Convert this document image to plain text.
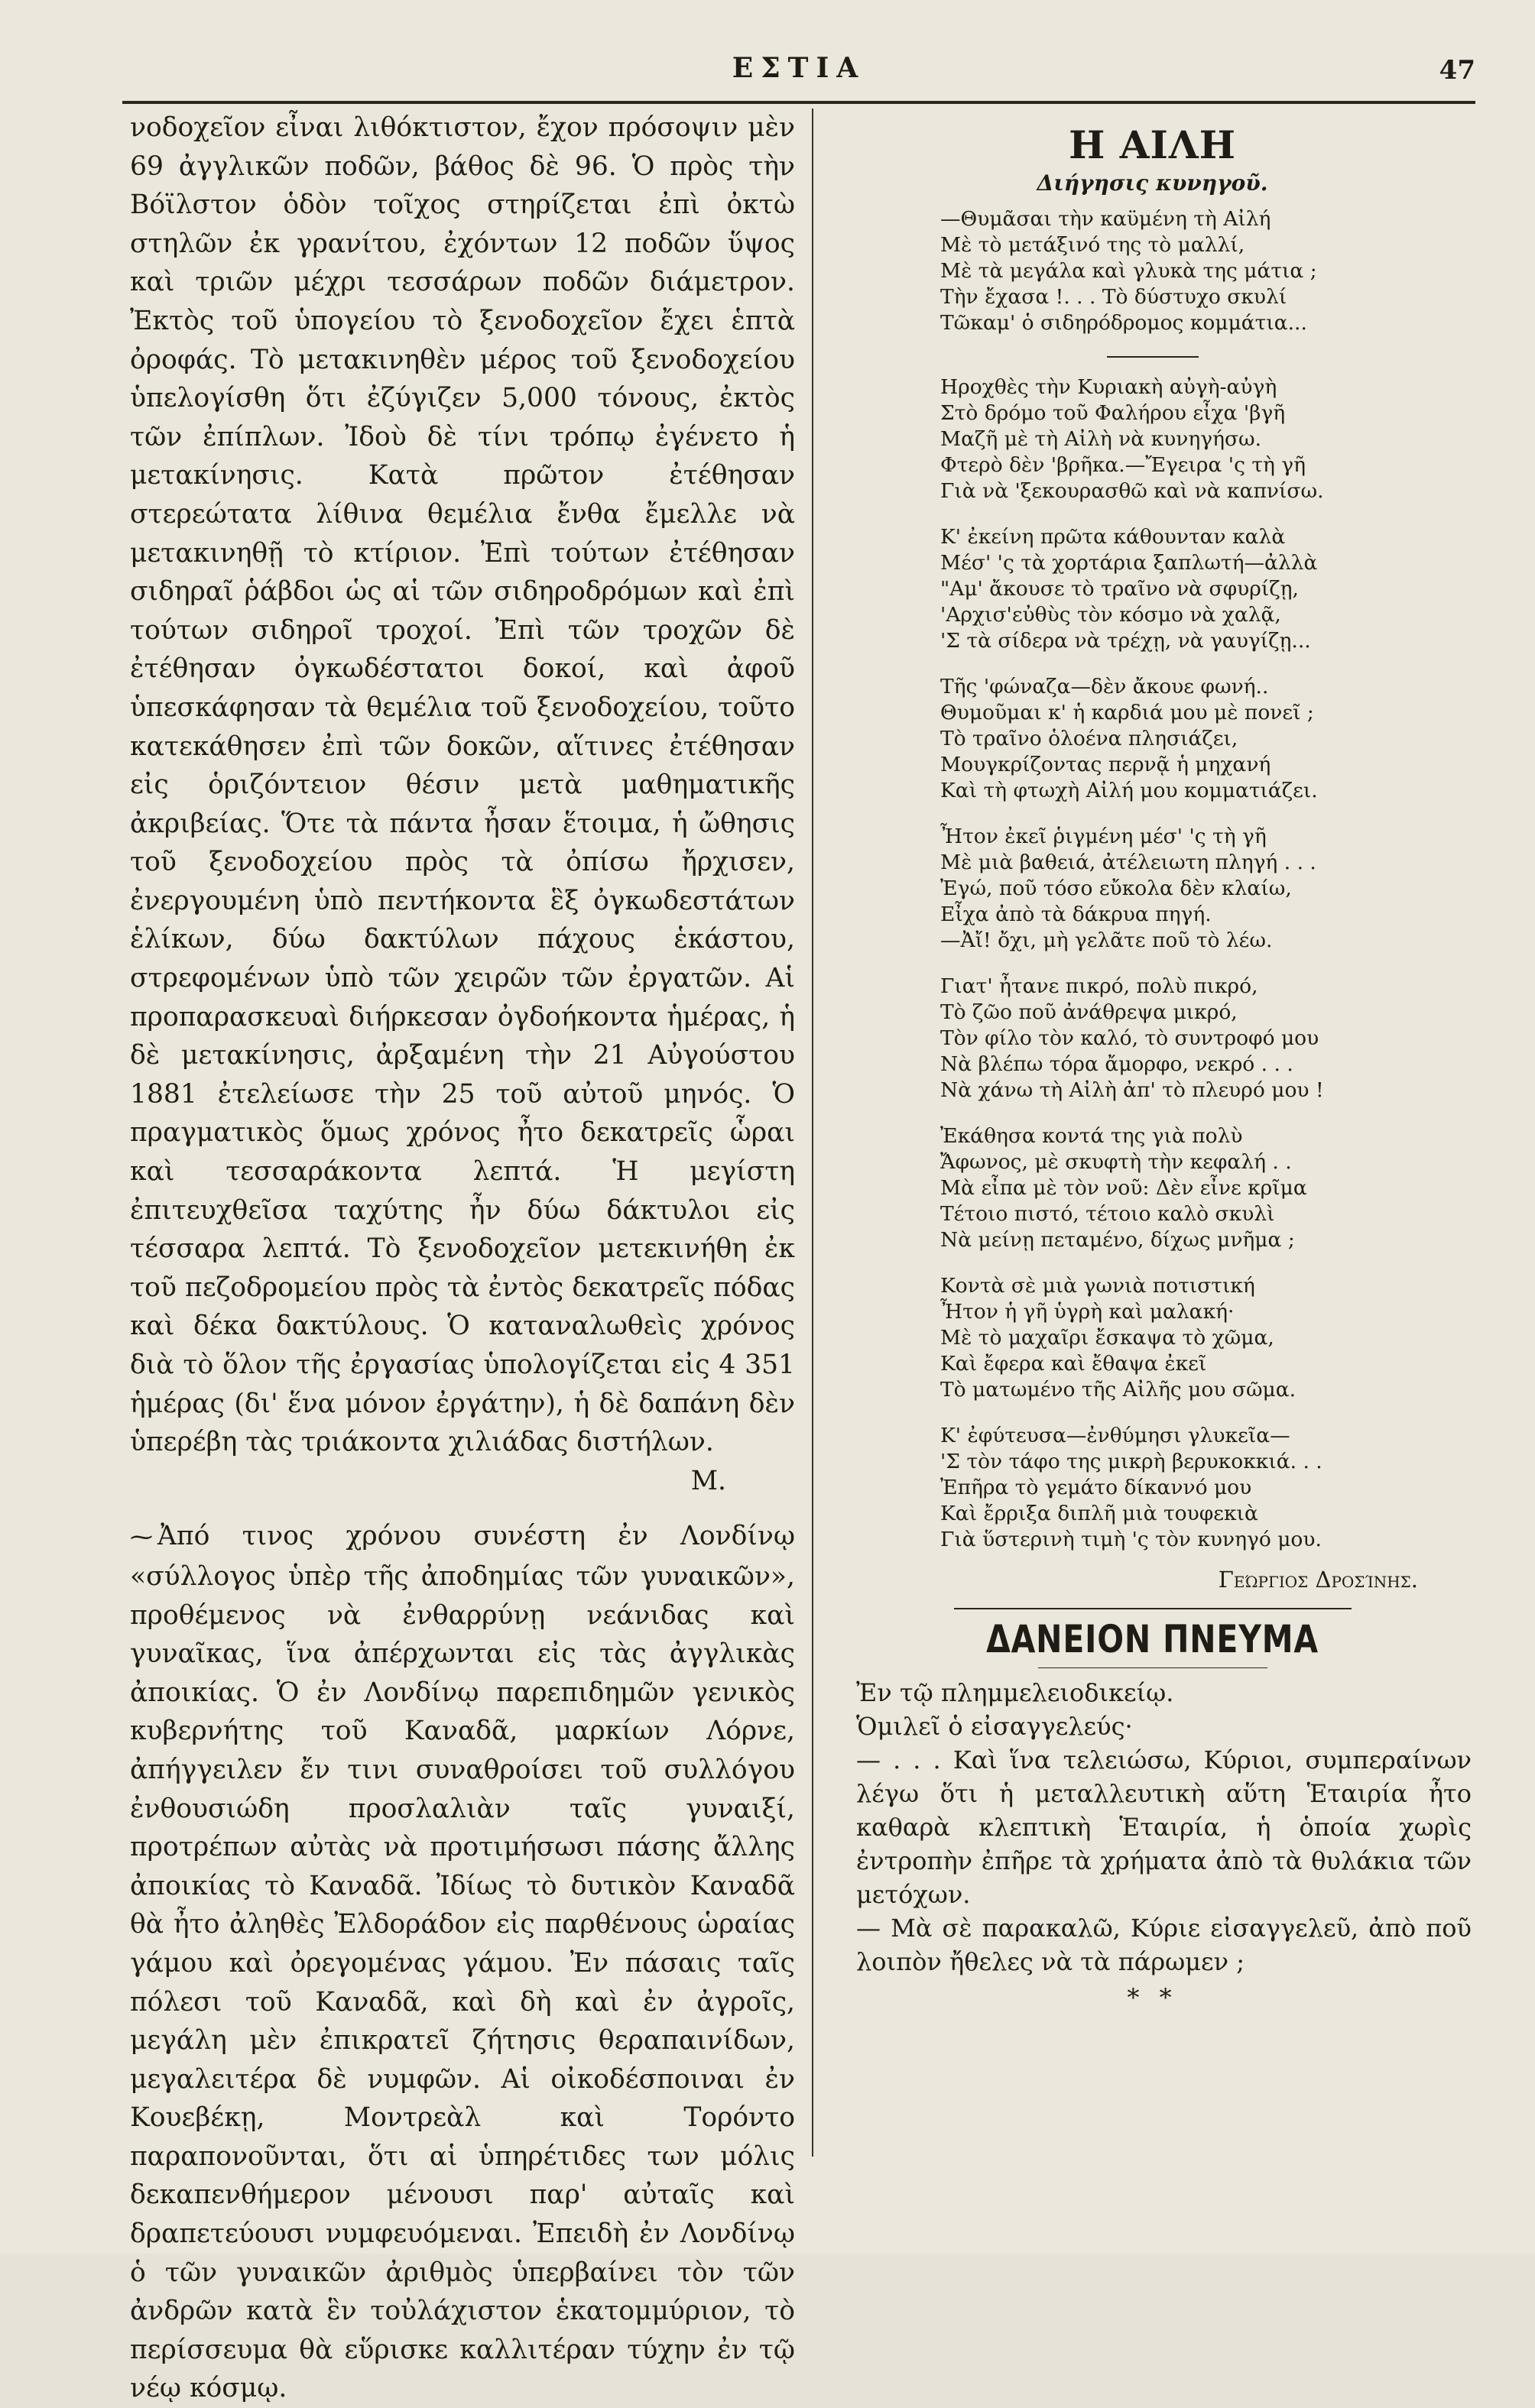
ΕΣΤΙΑ	47

νοδοχεῖον εἶναι λιθόκτιστον, ἔχον πρόσοψιν μὲν 69 ἀγγλικῶν ποδῶν, βάθος δὲ 96. Ὁ πρὸς τὴν Βόϊλστον ὁδὸν τοῖχος στηρίζεται ἐπὶ ὀκτὼ στηλῶν ἐκ γρανίτου, ἐχόντων 12 ποδῶν ὕψος καὶ τριῶν μέχρι τεσσάρων ποδῶν διάμετρον. Ἐκτὸς τοῦ ὑπογείου τὸ ξενοδοχεῖον ἔχει ἑπτὰ ὀροφάς. Τὸ μετακινηθὲν μέρος τοῦ ξενοδοχείου ὑπελογίσθη ὅτι ἐζύγιζεν 5,000 τόνους, ἐκτὸς τῶν ἐπίπλων. Ἰδοὺ δὲ τίνι τρόπῳ ἐγένετο ἡ μετακίνησις. Κατὰ πρῶτον ἐτέθησαν στερεώτατα λίθινα θεμέλια ἔνθα ἔμελλε νὰ μετακινηθῇ τὸ κτίριον. Ἐπὶ τούτων ἐτέθησαν σιδηραῖ ῥάβδοι ὡς αἱ τῶν σιδηροδρόμων καὶ ἐπὶ τούτων σιδηροῖ τροχοί. Ἐπὶ τῶν τροχῶν δὲ ἐτέθησαν ὀγκωδέστατοι δοκοί, καὶ ἀφοῦ ὑπεσκάφησαν τὰ θεμέλια τοῦ ξενοδοχείου, τοῦτο κατεκάθησεν ἐπὶ τῶν δοκῶν, αἵτινες ἐτέθησαν εἰς ὁριζόντειον θέσιν μετὰ μαθηματικῆς ἀκριβείας. Ὅτε τὰ πάντα ἦσαν ἕτοιμα, ἡ ὤθησις τοῦ ξενοδοχείου πρὸς τὰ ὀπίσω ἤρχισεν, ἐνεργουμένη ὑπὸ πεντήκοντα ἓξ ὀγκωδεστάτων ἑλίκων, δύω δακτύλων πάχους ἑκάστου, στρεφομένων ὑπὸ τῶν χειρῶν τῶν ἐργατῶν. Αἱ προπαρασκευαὶ διήρκεσαν ὀγδοήκοντα ἡμέρας, ἡ δὲ μετακίνησις, ἀρξαμένη τὴν 21 Αὐγούστου 1881 ἐτελείωσε τὴν 25 τοῦ αὐτοῦ μηνός. Ὁ πραγματικὸς ὅμως χρόνος ἦτο δεκατρεῖς ὧραι καὶ τεσσαράκοντα λεπτά. Ἡ μεγίστη ἐπιτευχθεῖσα ταχύτης ἦν δύω δάκτυλοι εἰς τέσσαρα λεπτά. Τὸ ξενοδοχεῖον μετεκινήθη ἐκ τοῦ πεζοδρομείου πρὸς τὰ ἐντὸς δεκατρεῖς πόδας καὶ δέκα δακτύλους. Ὁ καταναλωθεὶς χρόνος διὰ τὸ ὅλον τῆς ἐργασίας ὑπολογίζεται εἰς 4 351 ἡμέρας (δι' ἕνα μόνον ἐργάτην), ἡ δὲ δαπάνη δὲν ὑπερέβη τὰς τριάκοντα χιλιάδας διστήλων.
Μ.

⁓ Ἀπό τινος χρόνου συνέστη ἐν Λονδίνῳ «σύλλογος ὑπὲρ τῆς ἀποδημίας τῶν γυναικῶν», προθέμενος νὰ ἐνθαρρύνῃ νεάνιδας καὶ γυναῖκας, ἵνα ἀπέρχωνται εἰς τὰς ἀγγλικὰς ἀποικίας. Ὁ ἐν Λονδίνῳ παρεπιδημῶν γενικὸς κυβερνήτης τοῦ Καναδᾶ, μαρκίων Λόρνε, ἀπήγγειλεν ἔν τινι συναθροίσει τοῦ συλλόγου ἐνθουσιώδη προσλαλιὰν ταῖς γυναιξί, προτρέπων αὐτὰς νὰ προτιμήσωσι πάσης ἄλλης ἀποικίας τὸ Καναδᾶ. Ἰδίως τὸ δυτικὸν Καναδᾶ θὰ ἦτο ἀληθὲς Ἐλδοράδον εἰς παρθένους ὡραίας γάμου καὶ ὀρεγομένας γάμου. Ἐν πάσαις ταῖς πόλεσι τοῦ Καναδᾶ, καὶ δὴ καὶ ἐν ἀγροῖς, μεγάλη μὲν ἐπικρατεῖ ζήτησις θεραπαινίδων, μεγαλειτέρα δὲ νυμφῶν. Αἱ οἰκοδέσποιναι ἐν Κουεβέκῃ, Μοντρεὰλ καὶ Τορόντο παραπονοῦνται, ὅτι αἱ ὑπηρέτιδες των μόλις δεκαπενθήμερον μένουσι παρ' αὐταῖς καὶ δραπετεύουσι νυμφευόμεναι. Ἐπειδὴ ἐν Λονδίνῳ ὁ τῶν γυναικῶν ἀριθμὸς ὑπερβαίνει τὸν τῶν ἀνδρῶν κατὰ ἓν τοὐλάχιστον ἑκατομμύριον, τὸ περίσσευμα θὰ εὕρισκε καλλιτέραν τύχην ἐν τῷ νέῳ κόσμῳ.

Η ΑΙΛΗ
Διήγησις κυνηγοῦ.
—Θυμᾶσαι τὴν καϋμένη τὴ Αἰλή
Μὲ τὸ μετάξινό της τὸ μαλλί,
Μὲ τὰ μεγάλα καὶ γλυκὰ της μάτια ;
Τὴν ἔχασα !. . . Τὸ δύστυχο σκυλί
Τῶκαμ' ὁ σιδηρόδρομος κομμάτια...
Ηροχθὲς τὴν Κυριακὴ αὐγὴ-αὐγὴ
Στὸ δρόμο τοῦ Φαλήρου εἶχα 'βγῆ
Μαζῆ μὲ τὴ Αἰλὴ νὰ κυνηγήσω.
Φτερὸ δὲν 'βρῆκα.—Ἔγειρα 'ς τὴ γῆ
Γιὰ νὰ 'ξεκουρασθῶ καὶ νὰ καπνίσω.
Κ' ἐκείνη πρῶτα κάθουνταν καλὰ
Μέσ' 'ς τὰ χορτάρια ξαπλωτή—ἀλλὰ
"Αμ' ἄκουσε τὸ τραῖνο νὰ σφυρίζῃ,
'Αρχισ'εὐθὺς τὸν κόσμο νὰ χαλᾷ,
'Σ τὰ σίδερα νὰ τρέχῃ, νὰ γαυγίζῃ...
Τῆς 'φώναζα—δὲν ἄκουε φωνή..
Θυμοῦμαι κ' ἡ καρδιά μου μὲ πονεῖ ;
Τὸ τραῖνο ὁλοένα πλησιάζει,
Μουγκρίζοντας περνᾷ ἡ μηχανή
Καὶ τὴ φτωχὴ Αἰλή μου κομματιάζει.
Ἦτον ἐκεῖ ῥιγμένη μέσ' 'ς τὴ γῆ
Μὲ μιὰ βαθειά, ἀτέλειωτη πληγή . . .
Ἐγώ, ποῦ τόσο εὔκολα δὲν κλαίω,
Εἶχα ἀπὸ τὰ δάκρυα πηγή.
—Ἀἴ! ὄχι, μὴ γελᾶτε ποῦ τὸ λέω.
Γιατ' ἦτανε πικρό, πολὺ πικρό,
Τὸ ζῶο ποῦ ἀνάθρεψα μικρό,
Τὸν φίλο τὸν καλό, τὸ συντροφό μου
Νὰ βλέπω τόρα ἄμορφο, νεκρό . . .
Νὰ χάνω τὴ Αἰλὴ ἀπ' τὸ πλευρό μου !
Ἐκάθησα κοντά της γιὰ πολὺ
Ἄφωνος, μὲ σκυφτὴ τὴν κεφαλή . .
Μὰ εἶπα μὲ τὸν νοῦ: Δὲν εἶνε κρῖμα
Τέτοιο πιστό, τέτοιο καλὸ σκυλὶ
Νὰ μείνῃ πεταμένο, δίχως μνῆμα ;
Κοντὰ σὲ μιὰ γωνιὰ ποτιστική
Ἦτον ἡ γῆ ὑγρὴ καὶ μαλακή·
Μὲ τὸ μαχαῖρι ἔσκαψα τὸ χῶμα,
Καὶ ἔφερα καὶ ἔθαψα ἐκεῖ
Τὸ ματωμένο τῆς Αἰλῆς μου σῶμα.
Κ' ἐφύτευσα—ἐνθύμησι γλυκεῖα—
'Σ τὸν τάφο της μικρὴ βερυκοκκιά. . .
Ἐπῆρα τὸ γεμάτο δίκαννό μου
Καὶ ἔρριξα διπλῆ μιὰ τουφεκιὰ
Γιὰ ὕστερινὴ τιμὴ 'ς τὸν κυνηγό μου.
Γεώργιος Δροσίνης.
ΔΑΝΕΙΟΝ ΠΝΕΥΜΑ

Ἐν τῷ πλημμελειοδικείῳ.

Ὁμιλεῖ ὁ εἰσαγγελεύς·

— . . . Καὶ ἵνα τελειώσω, Κύριοι, συμπεραίνων λέγω ὅτι ἡ μεταλλευτικὴ αὕτη Ἑταιρία ἦτο καθαρὰ κλεπτικὴ Ἑταιρία, ἡ ὁποία χωρὶς ἐντροπὴν ἐπῆρε τὰ χρήματα ἀπὸ τὰ θυλάκια τῶν μετόχων.

— Μὰ σὲ παρακαλῶ, Κύριε εἰσαγγελεῦ, ἀπὸ ποῦ λοιπὸν ἤθελες νὰ τὰ πάρωμεν ;

* *
